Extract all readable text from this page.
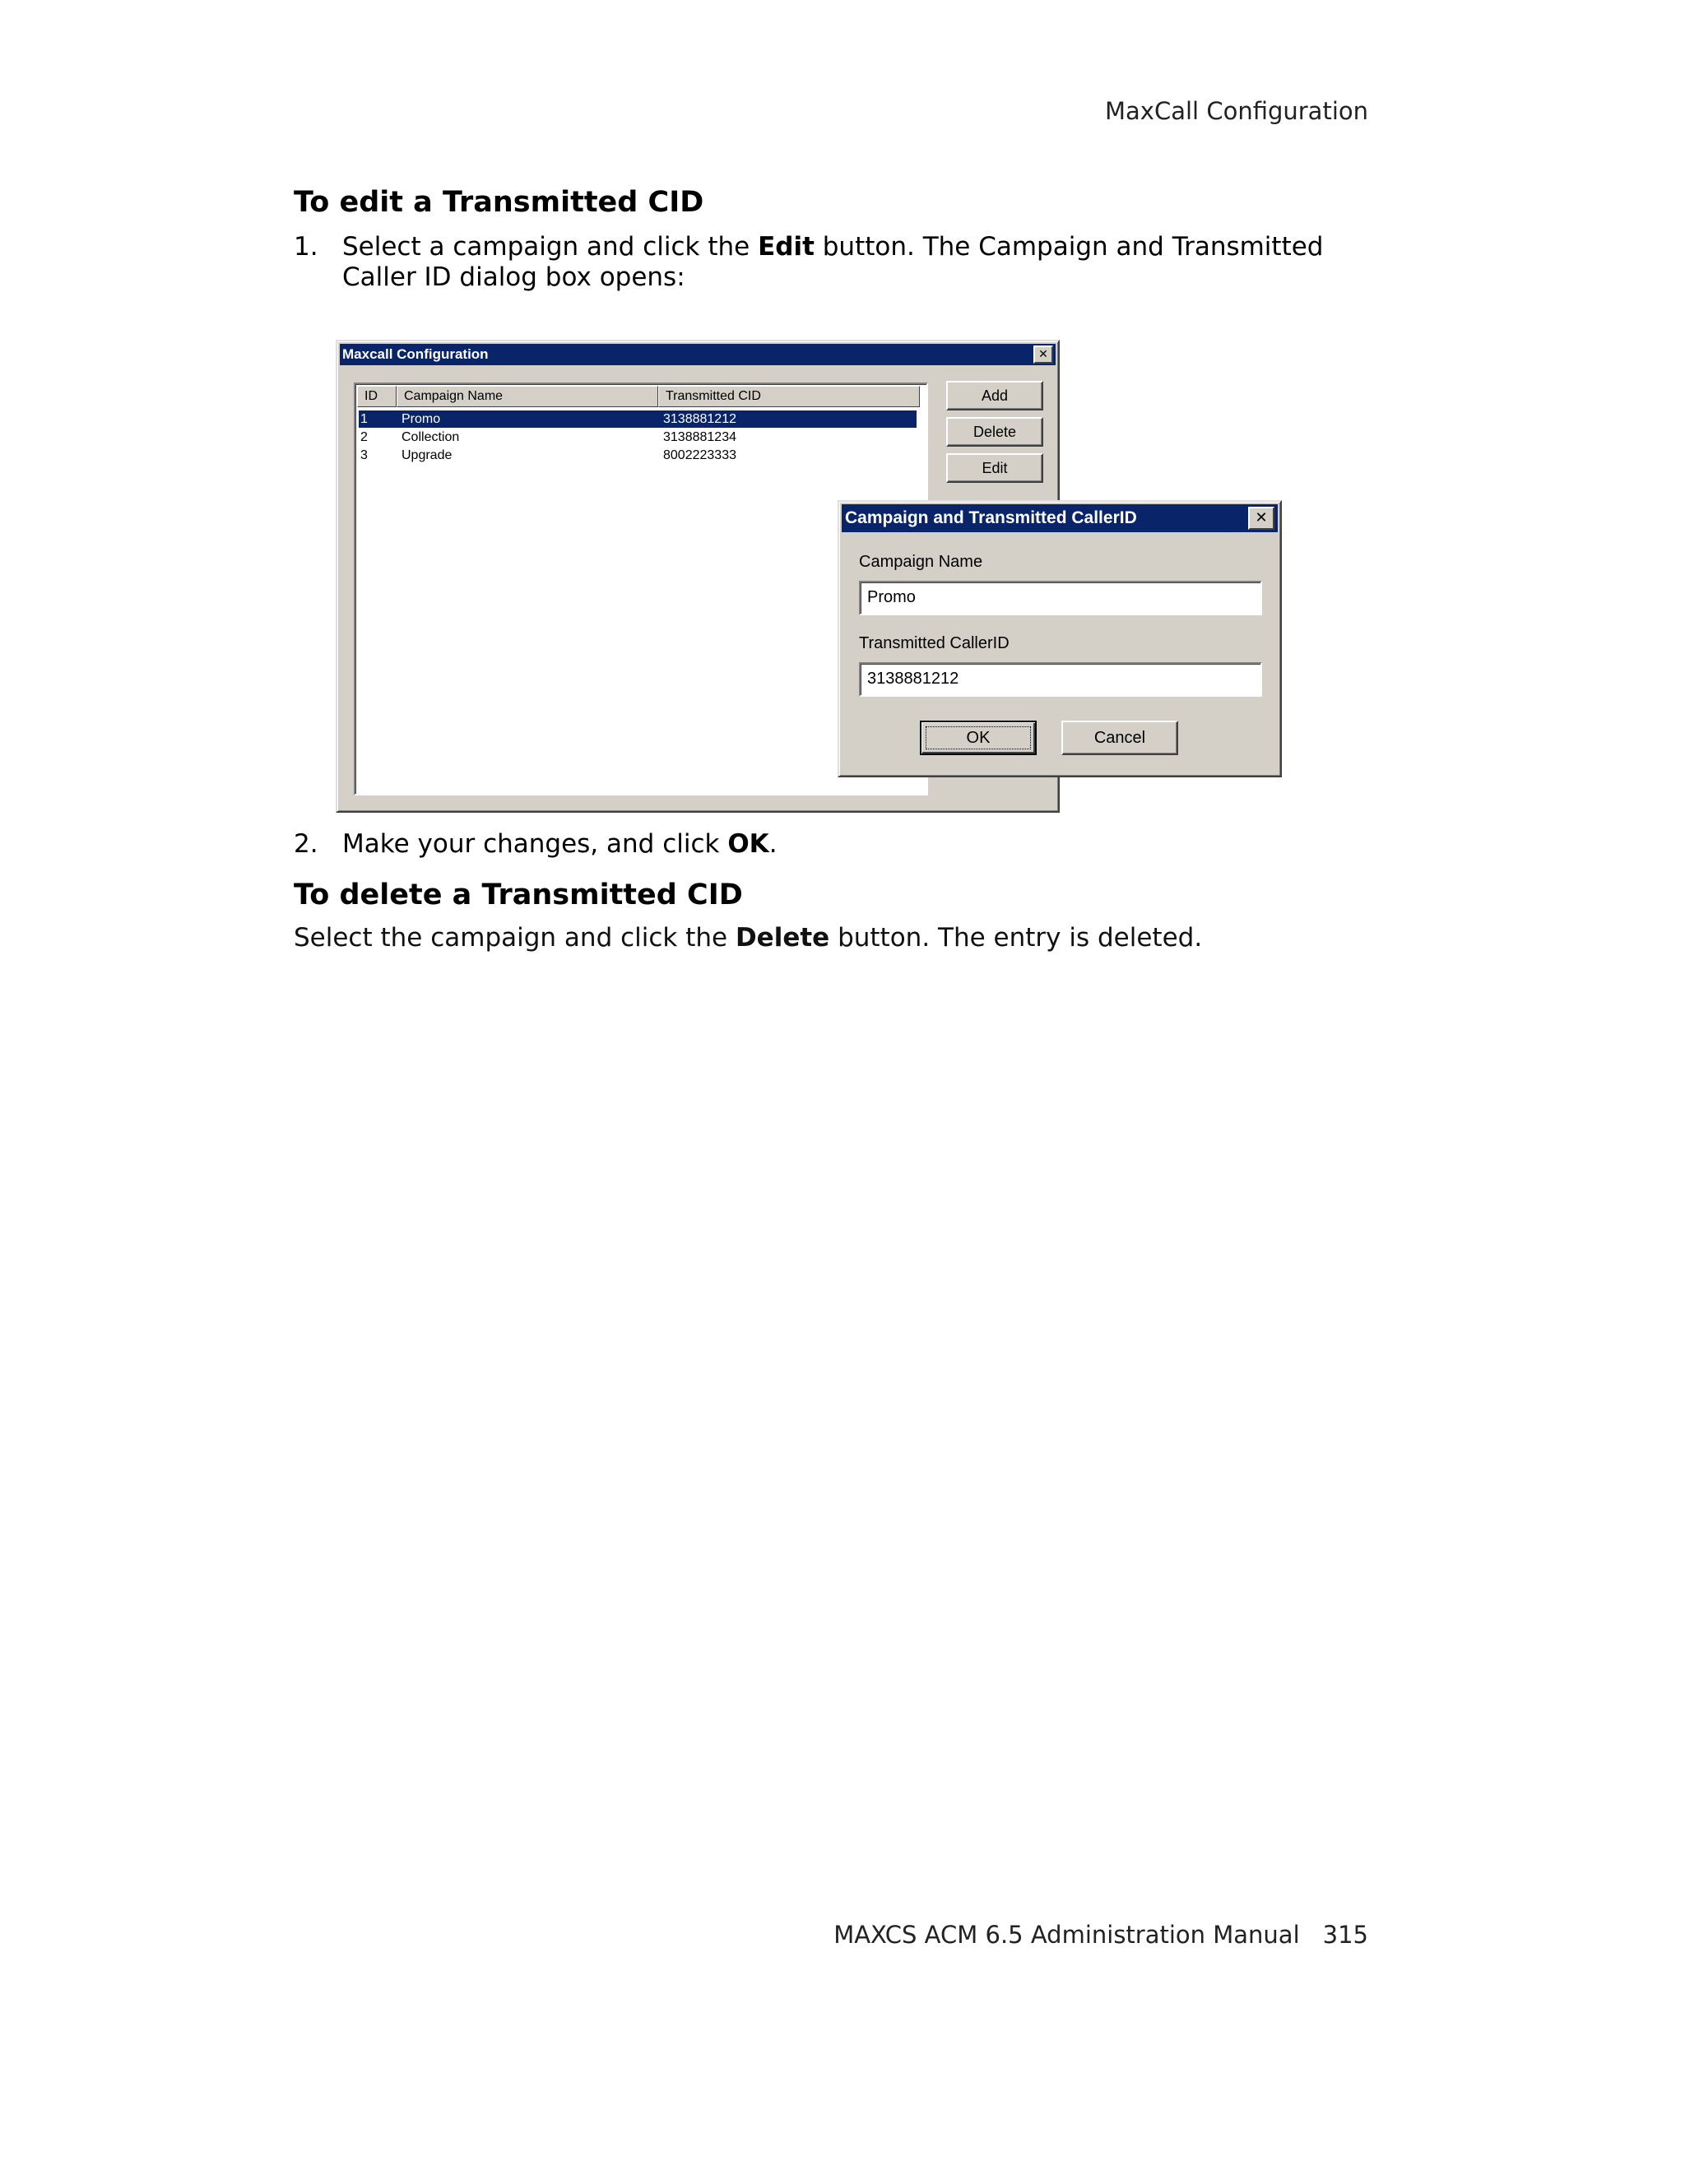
MaxCall Configuration
To edit a Transmitted CID
1. Select a campaign and click the Edit button. The Campaign and Transmitted Caller ID dialog box opens:
Maxcall Configuration	✕
ID	Campaign Name	Transmitted CID
1	Promo	3138881212
2	Collection	3138881234
3	Upgrade	8002223333
Add
Delete
Edit
Campaign and Transmitted CallerID	✕
Campaign Name
Promo
Transmitted CallerID
3138881212
OK	Cancel
2. Make your changes, and click OK.
To delete a Transmitted CID
Select the campaign and click the Delete button. The entry is deleted.
MAXCS ACM 6.5 Administration Manual 315
